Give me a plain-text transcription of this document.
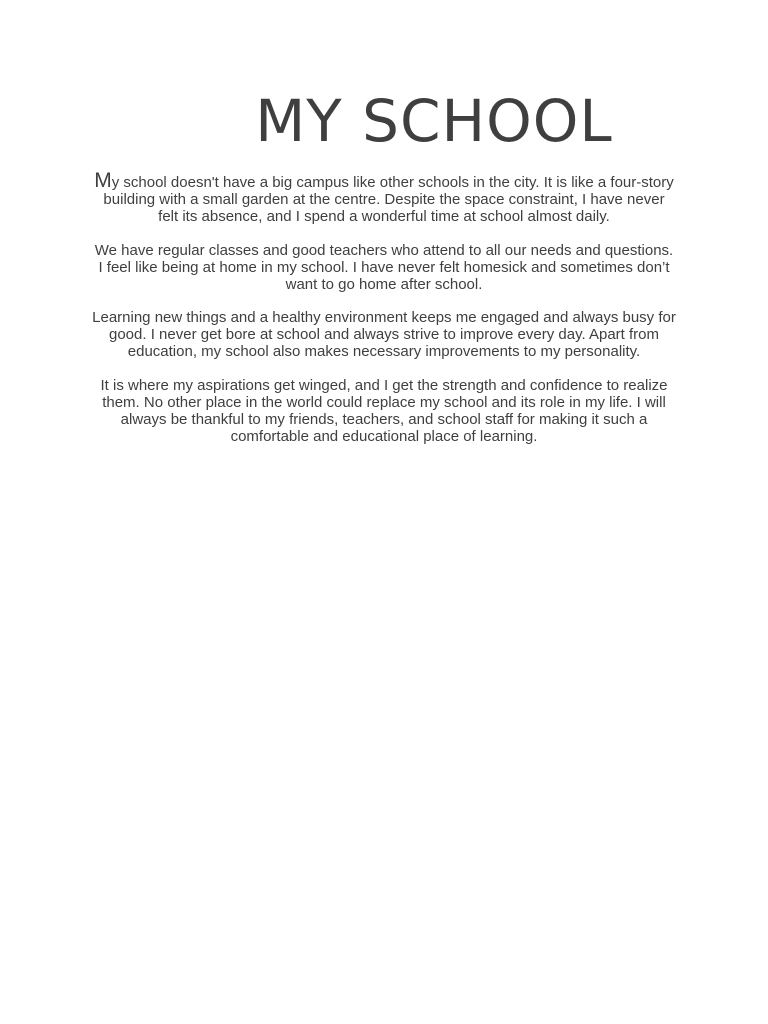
MY SCHOOL

My school doesn't have a big campus like other schools in the city. It is like a four-story building with a small garden at the centre. Despite the space constraint, I have never felt its absence, and I spend a wonderful time at school almost daily.

We have regular classes and good teachers who attend to all our needs and questions. I feel like being at home in my school. I have never felt homesick and sometimes don’t want to go home after school.

Learning new things and a healthy environment keeps me engaged and always busy for good. I never get bore at school and always strive to improve every day. Apart from education, my school also makes necessary improvements to my personality.

It is where my aspirations get winged, and I get the strength and confidence to realize them. No other place in the world could replace my school and its role in my life. I will always be thankful to my friends, teachers, and school staff for making it such a comfortable and educational place of learning.
